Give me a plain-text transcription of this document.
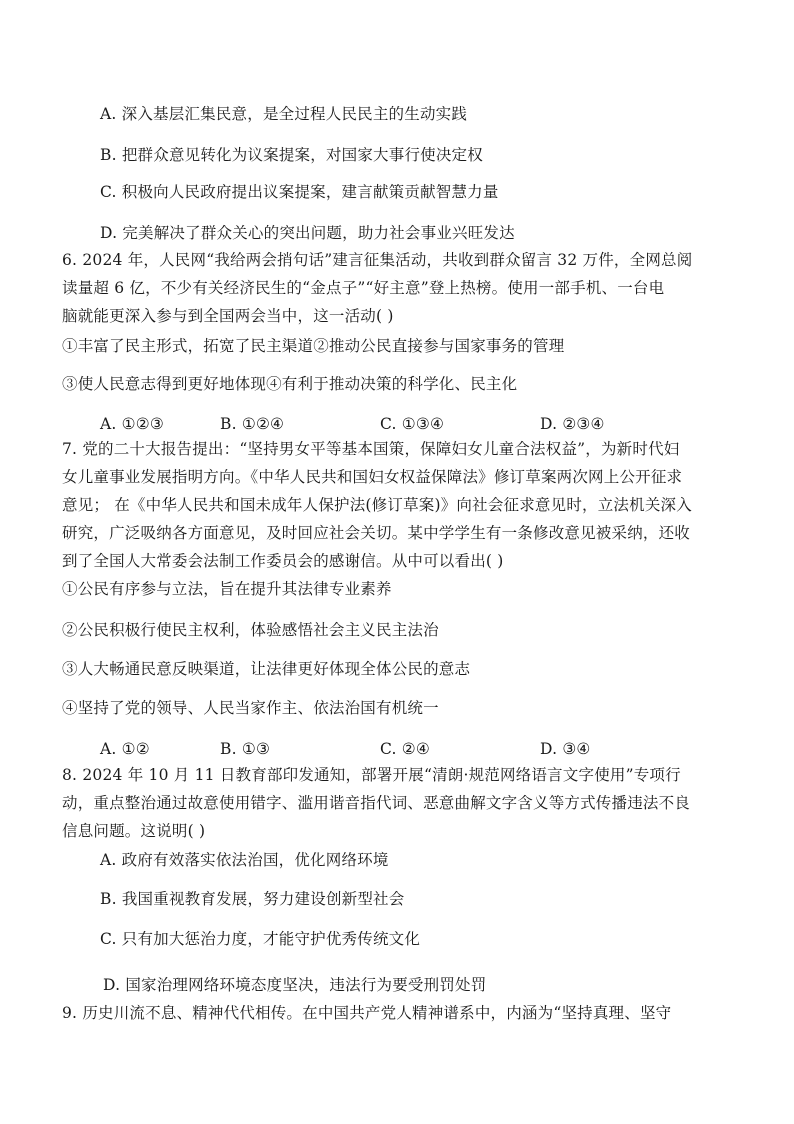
A. 深入基层汇集民意，是全过程人民民主的生动实践
B. 把群众意见转化为议案提案，对国家大事行使决定权
C. 积极向人民政府提出议案提案，建言献策贡献智慧力量
D. 完美解决了群众关心的突出问题，助力社会事业兴旺发达
6. 2024 年，人民网“我给两会捎句话”建言征集活动，共收到群众留言 32 万件，全网总阅
读量超 6 亿，不少有关经济民生的“金点子”“好主意”登上热榜。使用一部手机、一台电
脑就能更深入参与到全国两会当中，这一活动( )
①丰富了民主形式，拓宽了民主渠道②推动公民直接参与国家事务的管理
③使人民意志得到更好地体现④有利于推动决策的科学化、民主化
A. ①②③	B. ①②④	C. ①③④	D. ②③④
7. 党的二十大报告提出：“坚持男女平等基本国策，保障妇女儿童合法权益”，为新时代妇
女儿童事业发展指明方向。《中华人民共和国妇女权益保障法》修订草案两次网上公开征求
意见； 在《中华人民共和国未成年人保护法(修订草案)》向社会征求意见时，立法机关深入
研究，广泛吸纳各方面意见，及时回应社会关切。某中学学生有一条修改意见被采纳，还收
到了全国人大常委会法制工作委员会的感谢信。从中可以看出( )
①公民有序参与立法，旨在提升其法律专业素养
②公民积极行使民主权利，体验感悟社会主义民主法治
③人大畅通民意反映渠道，让法律更好体现全体公民的意志
④坚持了党的领导、人民当家作主、依法治国有机统一
A. ①②	B. ①③	C. ②④	D. ③④
8. 2024 年 10 月 11 日教育部印发通知，部署开展“清朗·规范网络语言文字使用”专项行
动，重点整治通过故意使用错字、滥用谐音指代词、恶意曲解文字含义等方式传播违法不良
信息问题。这说明( )
A. 政府有效落实依法治国，优化网络环境
B. 我国重视教育发展，努力建设创新型社会
C. 只有加大惩治力度，才能守护优秀传统文化
D. 国家治理网络环境态度坚决，违法行为要受刑罚处罚
9. 历史川流不息、精神代代相传。在中国共产党人精神谱系中，内涵为“坚持真理、坚守
